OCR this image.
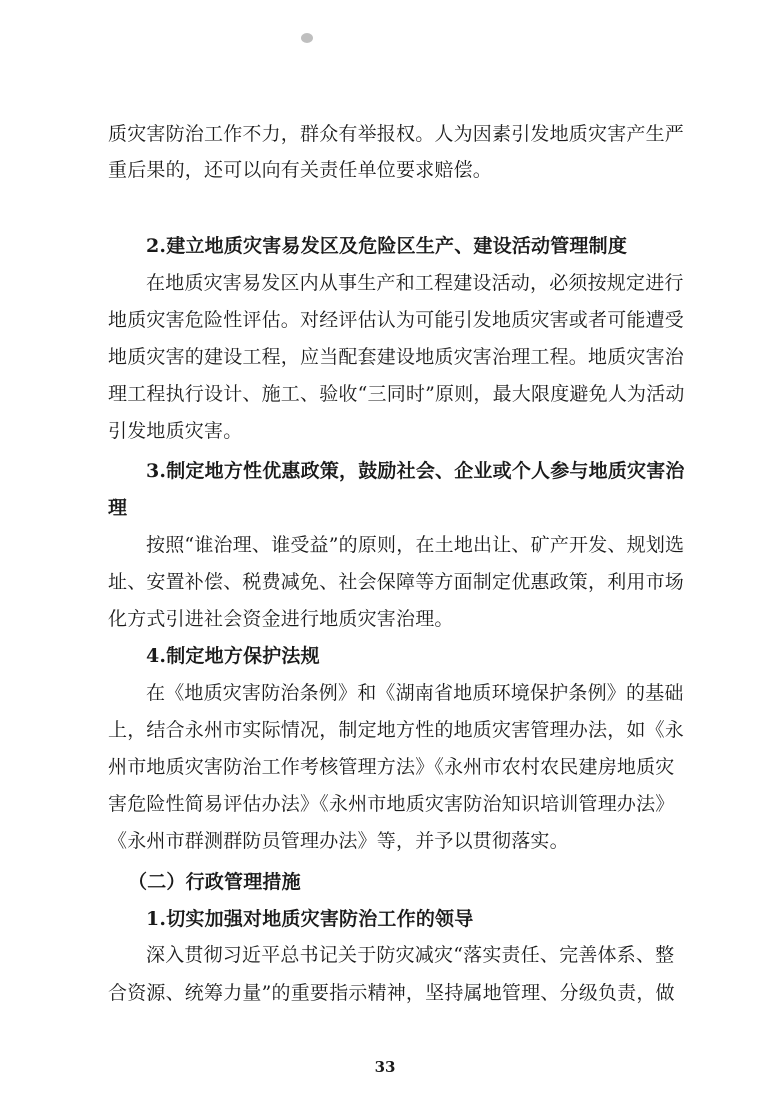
质灾害防治工作不力，群众有举报权。人为因素引发地质灾害产生严
重后果的，还可以向有关责任单位要求赔偿。
2.建立地质灾害易发区及危险区生产、建设活动管理制度
在地质灾害易发区内从事生产和工程建设活动，必须按规定进行
地质灾害危险性评估。对经评估认为可能引发地质灾害或者可能遭受
地质灾害的建设工程，应当配套建设地质灾害治理工程。地质灾害治
理工程执行设计、施工、验收“三同时”原则，最大限度避免人为活动
引发地质灾害。
3.制定地方性优惠政策，鼓励社会、企业或个人参与地质灾害治
理
按照“谁治理、谁受益”的原则，在土地出让、矿产开发、规划选
址、安置补偿、税费减免、社会保障等方面制定优惠政策，利用市场
化方式引进社会资金进行地质灾害治理。
4.制定地方保护法规
在《地质灾害防治条例》和《湖南省地质环境保护条例》的基础
上，结合永州市实际情况，制定地方性的地质灾害管理办法，如《永
州市地质灾害防治工作考核管理方法》《永州市农村农民建房地质灾
害危险性简易评估办法》《永州市地质灾害防治知识培训管理办法》
《永州市群测群防员管理办法》等，并予以贯彻落实。
（二）行政管理措施
1.切实加强对地质灾害防治工作的领导
深入贯彻习近平总书记关于防灾减灾“落实责任、完善体系、整
合资源、统筹力量”的重要指示精神，坚持属地管理、分级负责，做
33
